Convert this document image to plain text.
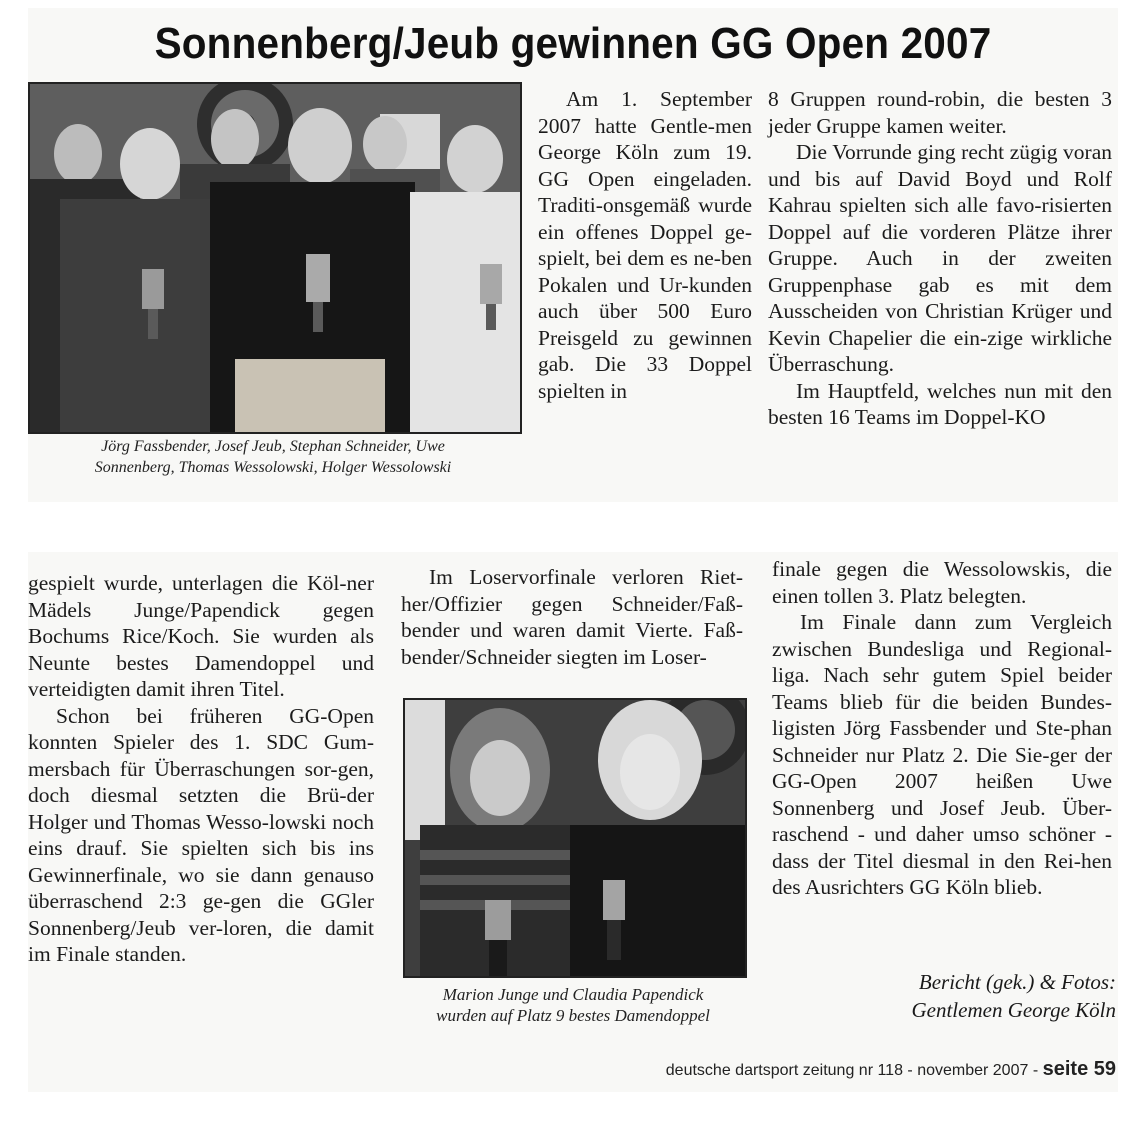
Sonnenberg/Jeub gewinnen GG Open 2007
Jörg Fassbender, Josef Jeub, Stephan Schneider, Uwe
Sonnenberg, Thomas Wessolowski, Holger Wessolowski

Am 1. September 2007 hatte Gentle-men George Köln zum 19. GG Open eingeladen. Traditi-onsgemäß wurde ein offenes Doppel ge-spielt, bei dem es ne-ben Pokalen und Ur-kunden auch über 500 Euro Preisgeld zu gewinnen gab. Die 33 Doppel spielten in

8 Gruppen round-robin, die besten 3 jeder Gruppe kamen weiter.

Die Vorrunde ging recht zügig voran und bis auf David Boyd und Rolf Kahrau spielten sich alle favo-risierten Doppel auf die vorderen Plätze ihrer Gruppe. Auch in der zweiten Gruppenphase gab es mit dem Ausscheiden von Christian Krüger und Kevin Chapelier die ein-zige wirkliche Überraschung.

Im Hauptfeld, welches nun mit den besten 16 Teams im Doppel-KO

gespielt wurde, unterlagen die Köl-ner Mädels Junge/Papendick gegen Bochums Rice/Koch. Sie wurden als Neunte bestes Damendoppel und verteidigten damit ihren Titel.

Schon bei früheren GG-Open konnten Spieler des 1. SDC Gum-mersbach für Überraschungen sor-gen, doch diesmal setzten die Brü-der Holger und Thomas Wesso-lowski noch eins drauf. Sie spielten sich bis ins Gewinnerfinale, wo sie dann genauso überraschend 2:3 ge-gen die GGler Sonnenberg/Jeub ver-loren, die damit im Finale standen.

Im Loservorfinale verloren Riet-her/Offizier gegen Schneider/Faß-bender und waren damit Vierte. Faß-bender/Schneider siegten im Loser-

Marion Junge und Claudia Papendick
wurden auf Platz 9 bestes Damendoppel

finale gegen die Wessolowskis, die einen tollen 3. Platz belegten.

Im Finale dann zum Vergleich zwischen Bundesliga und Regional-liga. Nach sehr gutem Spiel beider Teams blieb für die beiden Bundes-ligisten Jörg Fassbender und Ste-phan Schneider nur Platz 2. Die Sie-ger der GG-Open 2007 heißen Uwe Sonnenberg und Josef Jeub. Über-raschend - und daher umso schöner - dass der Titel diesmal in den Rei-hen des Ausrichters GG Köln blieb.

Bericht (gek.) & Fotos:
Gentlemen George Köln
deutsche dartsport zeitung nr 118 - november 2007 - seite 59
